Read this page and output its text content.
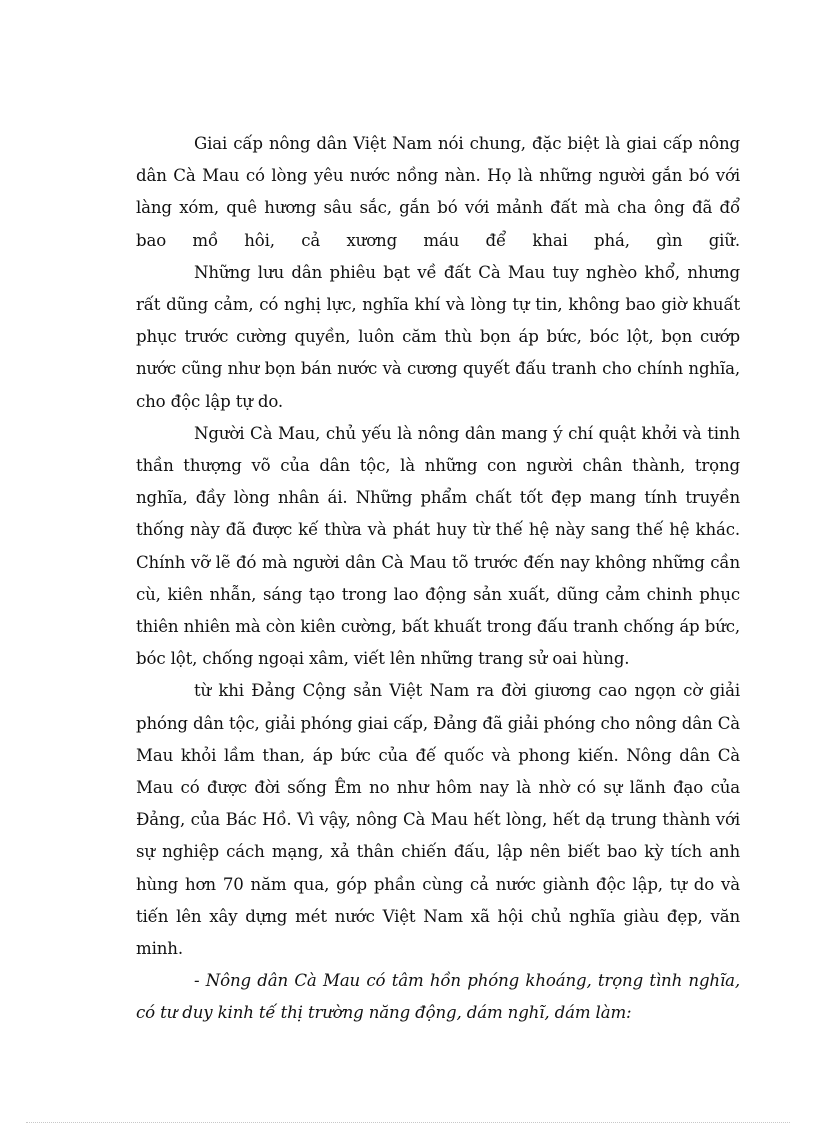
Giai cấp nông dân Việt Nam nói chung, đặc biệt là giai cấp nông dân Cà Mau có lòng yêu nước nồng nàn. Họ là những người gắn bó với làng xóm, quê hương sâu sắc, gắn bó với mảnh đất mà cha ông đã đổ bao mồ hôi, cả xương máu để khai phá, gìn giữ.

Những lưu dân phiêu bạt về đất Cà Mau tuy nghèo khổ, nhưng rất dũng cảm, có nghị lực, nghĩa khí và lòng tự tin, không bao giờ khuất phục trước cường quyền, luôn căm thù bọn áp bức, bóc lột, bọn cướp nước cũng như bọn bán nước và cương quyết đấu tranh cho chính nghĩa, cho độc lập tự do.

Người Cà Mau, chủ yếu là nông dân mang ý chí quật khởi và tinh thần thượng võ của dân tộc, là những con người chân thành, trọng nghĩa, đầy lòng nhân ái. Những phẩm chất tốt đẹp mang tính truyền thống này đã được kế thừa và phát huy từ thế hệ này sang thế hệ khác. Chính vỡ lẽ đó mà người dân Cà Mau tõ trước đến nay không những cần cù, kiên nhẫn, sáng tạo trong lao động sản xuất, dũng cảm chinh phục thiên nhiên mà còn kiên cường, bất khuất trong đấu tranh chống áp bức, bóc lột, chống ngoại xâm, viết lên những trang sử oai hùng.

từ khi Đảng Cộng sản Việt Nam ra đời giương cao ngọn cờ giải phóng dân tộc, giải phóng giai cấp, Đảng đã giải phóng cho nông dân Cà Mau khỏi lầm than, áp bức của đế quốc và phong kiến. Nông dân Cà Mau có được đời sống Êm no như hôm nay là nhờ có sự lãnh đạo của Đảng, của Bác Hồ. Vì vậy, nông Cà Mau hết lòng, hết dạ trung thành với sự nghiệp cách mạng, xả thân chiến đấu, lập nên biết bao kỳ tích anh hùng hơn 70 năm qua, góp phần cùng cả nước giành độc lập, tự do và tiến lên xây dựng mét nước Việt Nam xã hội chủ nghĩa giàu đẹp, văn minh.

- Nông dân Cà Mau có tâm hồn phóng khoáng, trọng tình nghĩa, có tư duy kinh tế thị trường năng động, dám nghĩ, dám làm:
